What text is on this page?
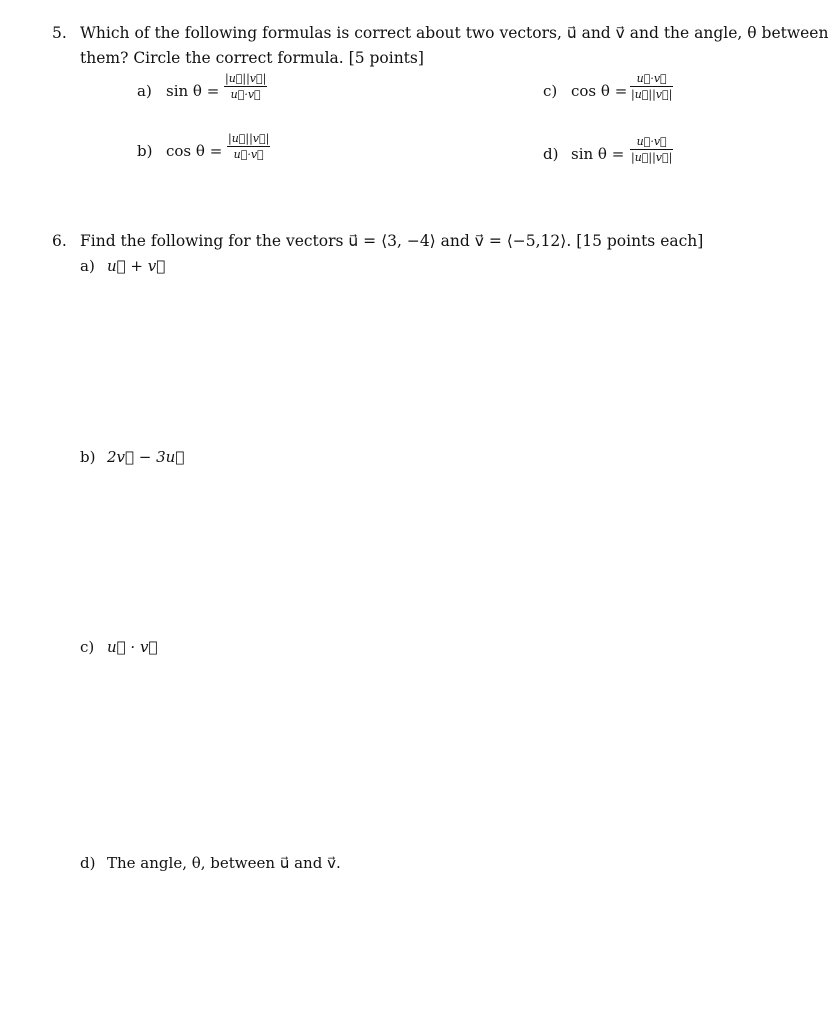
5. Which of the following formulas is correct about two vectors, u⃗ and v⃗ and the angle, θ between
them? Circle the correct formula. [5 points]
a) sin θ =
|u⃗||v⃗|
u⃗·v⃗	c) cos θ =
u⃗·v⃗
|u⃗||v⃗|
b) cos θ =
|u⃗||v⃗|
u⃗·v⃗	d) sin θ =
u⃗·v⃗
|u⃗||v⃗|
6. Find the following for the vectors u⃗ = ⟨3, −4⟩ and v⃗ = ⟨−5,12⟩. [15 points each]
a) u⃗ + v⃗
b) 2v⃗ − 3u⃗
c) u⃗ · v⃗
d) The angle, θ, between u⃗ and v⃗.
